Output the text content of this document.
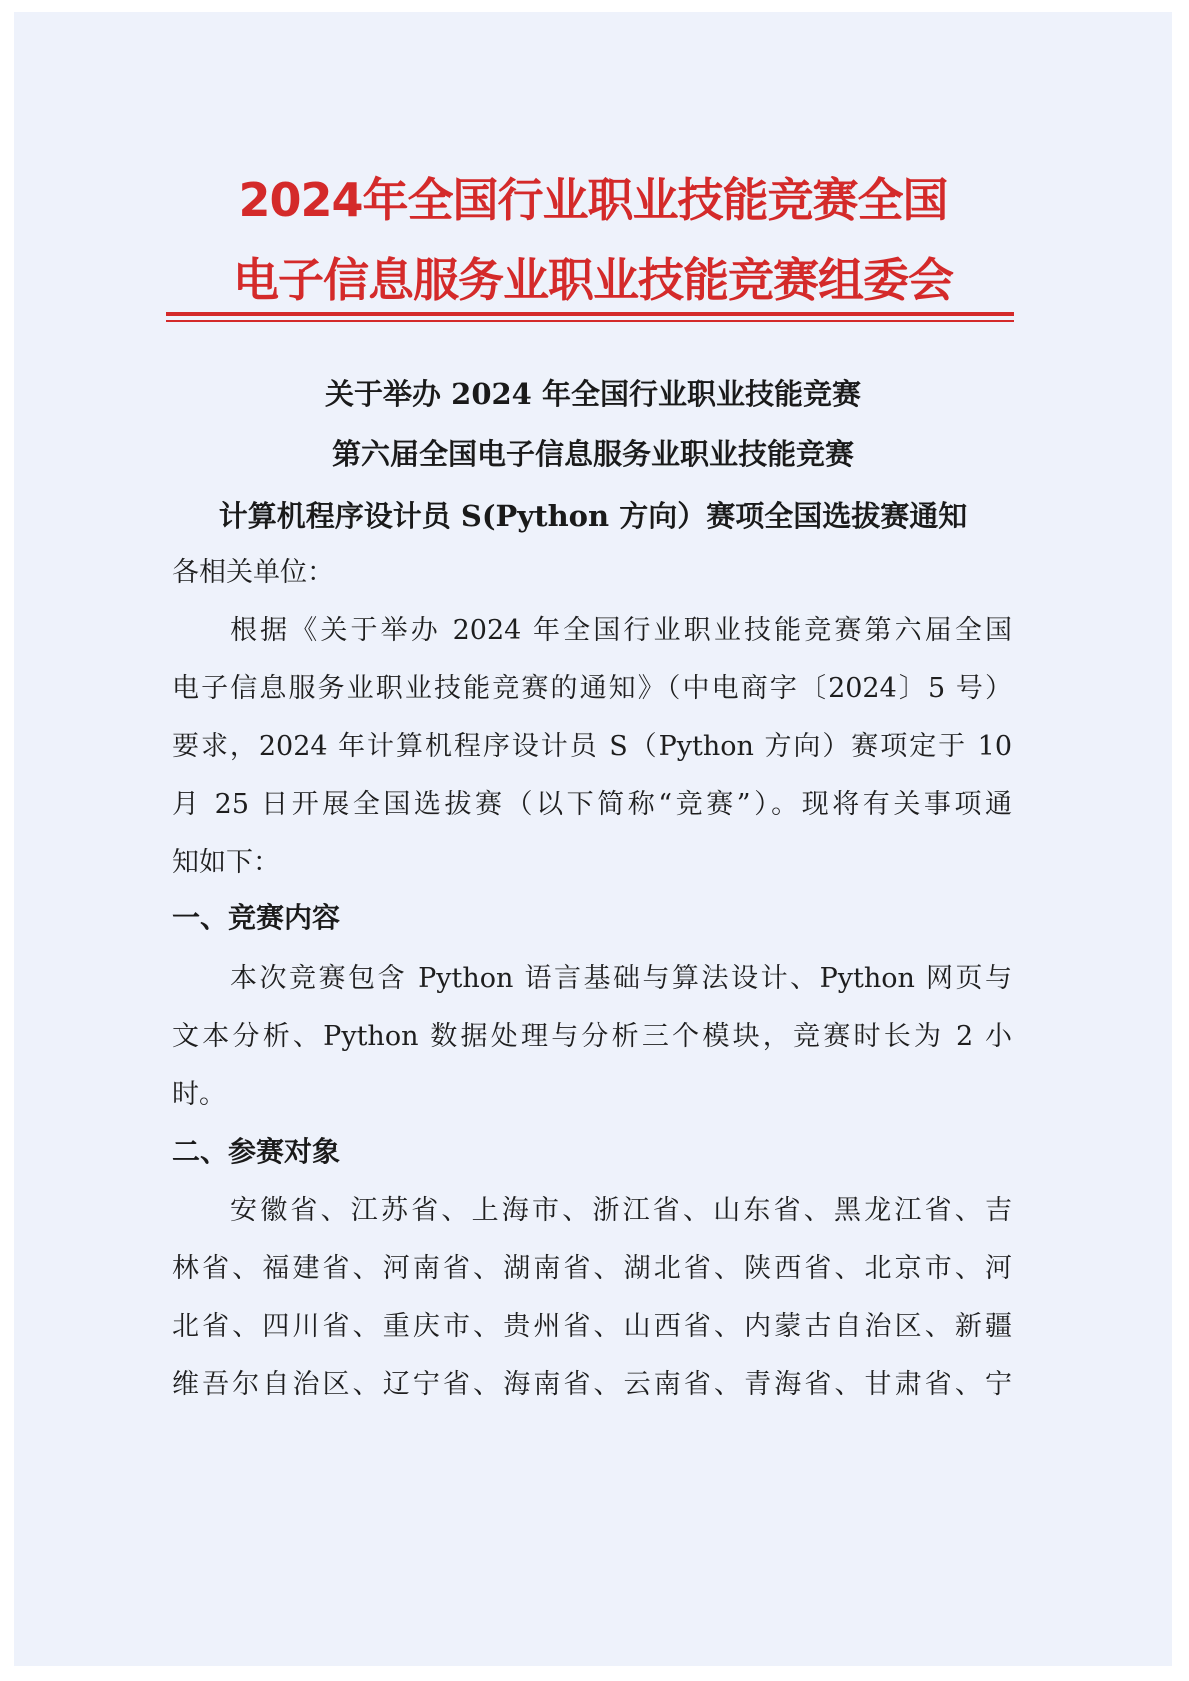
2024年全国行业职业技能竞赛全国
电子信息服务业职业技能竞赛组委会
关于举办 2024 年全国行业职业技能竞赛
第六届全国电子信息服务业职业技能竞赛
计算机程序设计员 S(Python 方向）赛项全国选拔赛通知
各相关单位：
根据《关于举办 2024 年全国行业职业技能竞赛第六届全国
电子信息服务业职业技能竞赛的通知》（中电商字〔2024〕5 号）
要求，2024 年计算机程序设计员 S（Python 方向）赛项定于 10
月 25 日开展全国选拔赛（以下简称“竞赛”）。现将有关事项通
知如下：
一、竞赛内容
本次竞赛包含 Python 语言基础与算法设计、Python 网页与
文本分析、Python 数据处理与分析三个模块，竞赛时长为 2 小
时。
二、参赛对象
安徽省、江苏省、上海市、浙江省、山东省、黑龙江省、吉
林省、福建省、河南省、湖南省、湖北省、陕西省、北京市、河
北省、四川省、重庆市、贵州省、山西省、内蒙古自治区、新疆
维吾尔自治区、辽宁省、海南省、云南省、青海省、甘肃省、宁
